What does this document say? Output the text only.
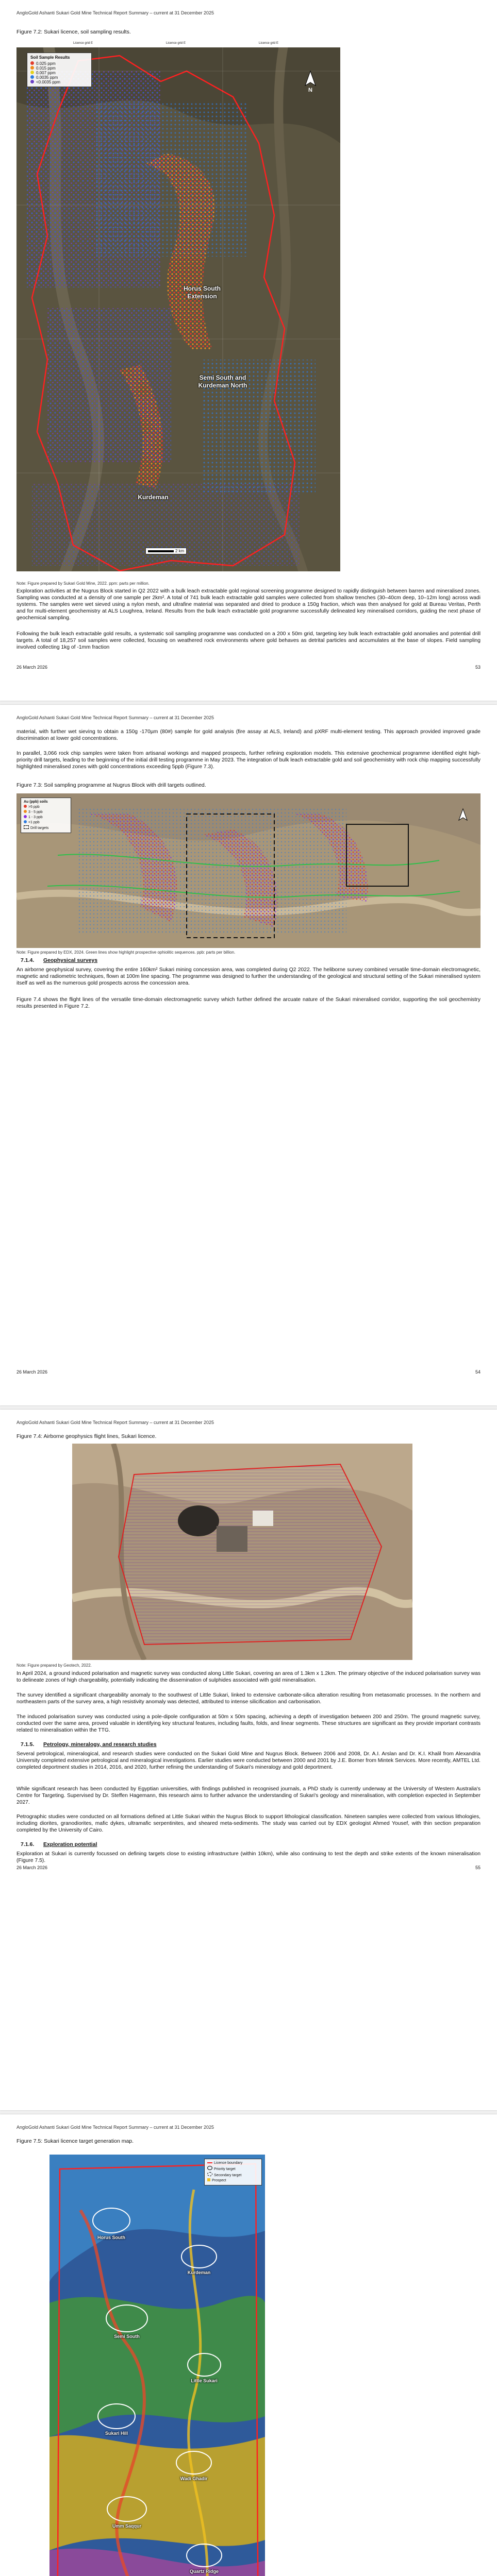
AngloGold Ashanti Sukari Gold Mine Technical Report Summary – current at 31 December 2025
Figure 7.2: Sukari licence, soil sampling results.
N
Licence grid E	Licence grid E	Licence grid E
Soil Sample Results
0.025 ppm
0.015 ppm
0.007 ppm
0.0035 ppm
<0.0035 ppm
Horus South Extension
Semi South and Kurdeman North
Kurdeman
2 km
Note: Figure prepared by Sukari Gold Mine, 2022. ppm: parts per million.

Exploration activities at the Nugrus Block started in Q2 2022 with a bulk leach extractable gold regional screening programme designed to rapidly distinguish between barren and mineralised zones. Sampling was conducted at a density of one sample per 2km². A total of 741 bulk leach extractable gold samples were collected from shallow trenches (30–40cm deep, 10–12m long) across wadi systems. The samples were wet sieved using a nylon mesh, and ultrafine material was separated and dried to produce a 150g fraction, which was then analysed for gold at Bureau Veritas, Perth and for multi-element geochemistry at ALS Loughrea, Ireland. Results from the bulk leach extractable gold programme successfully delineated key mineralised corridors, guiding the next phase of geochemical sampling.

Following the bulk leach extractable gold results, a systematic soil sampling programme was conducted on a 200 x 50m grid, targeting key bulk leach extractable gold anomalies and potential drill targets. A total of 18,257 soil samples were collected, focusing on weathered rock environments where gold behaves as detrital particles and accumulates at the base of slopes. Field sampling involved collecting 1kg of -1mm fraction

26 March 2026	53
AngloGold Ashanti Sukari Gold Mine Technical Report Summary – current at 31 December 2025

material, with further wet sieving to obtain a 150g -170µm (80#) sample for gold analysis (fire assay at ALS, Ireland) and pXRF multi-element testing. This approach provided improved grade discrimination at lower gold concentrations.

In parallel, 3,066 rock chip samples were taken from artisanal workings and mapped prospects, further refining exploration models. This extensive geochemical programme identified eight high-priority drill targets, leading to the beginning of the initial drill testing programme in May 2023. The integration of bulk leach extractable gold and soil geochemistry with rock chip mapping successfully highlighted mineralised zones with gold concentrations exceeding 5ppb (Figure 7.3).

Figure 7.3: Soil sampling programme at Nugrus Block with drill targets outlined.
Au (ppb) soils
>5 ppb
3 - 5 ppb
1 - 3 ppb
<1 ppb
Drill targets
Note: Figure prepared by EDX, 2024. Green lines show highlight prospective ophiolitic sequences. ppb: parts per billion.
7.1.4. Geophysical surveys

An airborne geophysical survey, covering the entire 160km² Sukari mining concession area, was completed during Q2 2022. The heliborne survey combined versatile time-domain electromagnetic, magnetic and radiometric techniques, flown at 100m line spacing. The programme was designed to further the understanding of the geological and structural setting of the Sukari mineralised system itself as well as the numerous gold prospects across the concession area.

Figure 7.4 shows the flight lines of the versatile time-domain electromagnetic survey which further defined the arcuate nature of the Sukari mineralised corridor, supporting the soil geochemistry results presented in Figure 7.2.

26 March 2026	54
AngloGold Ashanti Sukari Gold Mine Technical Report Summary – current at 31 December 2025
Figure 7.4: Airborne geophysics flight lines, Sukari licence.
Note: Figure prepared by Geotech, 2022.

In April 2024, a ground induced polarisation and magnetic survey was conducted along Little Sukari, covering an area of 1.3km x 1.2km. The primary objective of the induced polarisation survey was to delineate zones of high chargeability, potentially indicating the dissemination of sulphides associated with gold mineralisation.

The survey identified a significant chargeability anomaly to the southwest of Little Sukari, linked to extensive carbonate-silica alteration resulting from metasomatic processes. In the northern and northeastern parts of the survey area, a high resistivity anomaly was detected, attributed to intense silicification and carbonisation.

The induced polarisation survey was conducted using a pole-dipole configuration at 50m x 50m spacing, achieving a depth of investigation between 200 and 250m. The ground magnetic survey, conducted over the same area, proved valuable in identifying key structural features, including faults, folds, and linear segments. These structures are significant as they provide important contrasts related to mineralisation within the TTG.

7.1.5. Petrology, mineralogy, and research studies

Several petrological, mineralogical, and research studies were conducted on the Sukari Gold Mine and Nugrus Block. Between 2006 and 2008, Dr. A.I. Arslan and Dr. K.I. Khalil from Alexandria University completed extensive petrological and mineralogical investigations. Earlier studies were conducted between 2000 and 2001 by J.E. Borner from Mintek Services. More recently, AMTEL Ltd. completed deportment studies in 2014, 2016, and 2020, further refining the understanding of Sukari's mineralogy and gold deportment.

While significant research has been conducted by Egyptian universities, with findings published in recognised journals, a PhD study is currently underway at the University of Western Australia's Centre for Targeting. Supervised by Dr. Steffen Hagemann, this research aims to further advance the understanding of Sukari's geology and mineralisation, with completion expected in September 2027.

Petrographic studies were conducted on all formations defined at Little Sukari within the Nugrus Block to support lithological classification. Nineteen samples were collected from various lithologies, including diorites, granodiorites, mafic dykes, ultramafic serpentinites, and sheared meta-sediments. The study was carried out by EDX geologist Ahmed Yousef, with thin section preparation completed by the University of Cairo.

7.1.6. Exploration potential

Exploration at Sukari is currently focussed on defining targets close to existing infrastructure (within 10km), while also continuing to test the depth and strike extents of the known mineralisation (Figure 7.5).

26 March 2026	55
AngloGold Ashanti Sukari Gold Mine Technical Report Summary – current at 31 December 2025
Figure 7.5: Sukari licence target generation map.
Horus South
Kurdeman
Semi South
Little Sukari
Sukari Hill
Wadi Ghadir
Umm Saqqur
Quartz Ridge
Licence boundary
Priority target
Secondary target
Prospect
